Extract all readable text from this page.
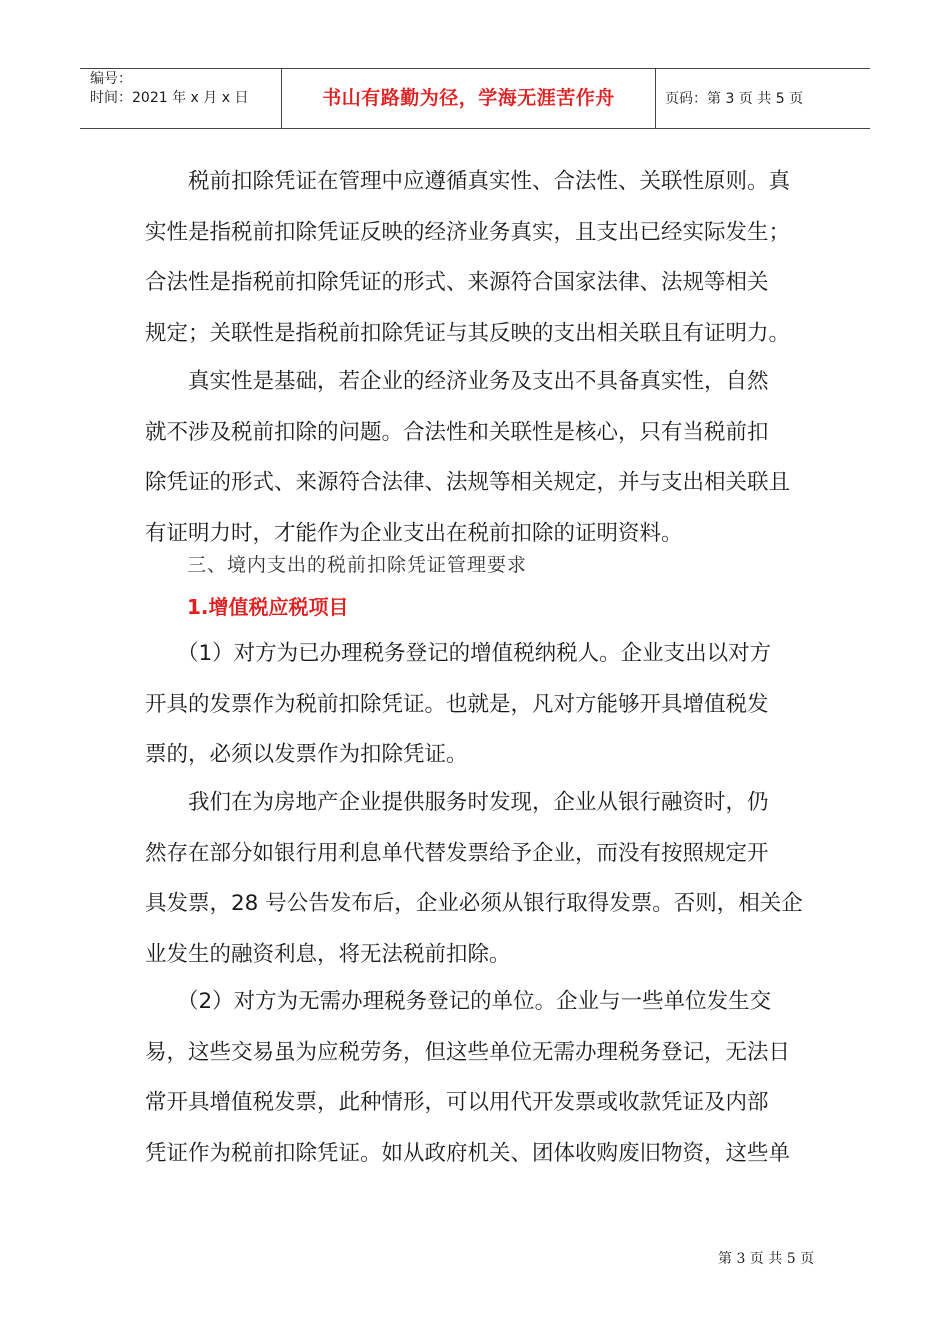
编号：
时间：2021 年 x 月 x 日	书山有路勤为径，学海无涯苦作舟	页码：第 3 页 共 5 页
税前扣除凭证在管理中应遵循真实性、合法性、关联性原则。真
实性是指税前扣除凭证反映的经济业务真实，且支出已经实际发生；
合法性是指税前扣除凭证的形式、来源符合国家法律、法规等相关
规定；关联性是指税前扣除凭证与其反映的支出相关联且有证明力。
真实性是基础，若企业的经济业务及支出不具备真实性，自然
就不涉及税前扣除的问题。合法性和关联性是核心，只有当税前扣
除凭证的形式、来源符合法律、法规等相关规定，并与支出相关联且
有证明力时，才能作为企业支出在税前扣除的证明资料。
三、境内支出的税前扣除凭证管理要求
1.增值税应税项目
（1）对方为已办理税务登记的增值税纳税人。企业支出以对方
开具的发票作为税前扣除凭证。也就是，凡对方能够开具增值税发
票的，必须以发票作为扣除凭证。
我们在为房地产企业提供服务时发现，企业从银行融资时，仍
然存在部分如银行用利息单代替发票给予企业，而没有按照规定开
具发票，28 号公告发布后，企业必须从银行取得发票。否则，相关企
业发生的融资利息，将无法税前扣除。
（2）对方为无需办理税务登记的单位。企业与一些单位发生交
易，这些交易虽为应税劳务，但这些单位无需办理税务登记，无法日
常开具增值税发票，此种情形，可以用代开发票或收款凭证及内部
凭证作为税前扣除凭证。如从政府机关、团体收购废旧物资，这些单
第 3 页 共 5 页
